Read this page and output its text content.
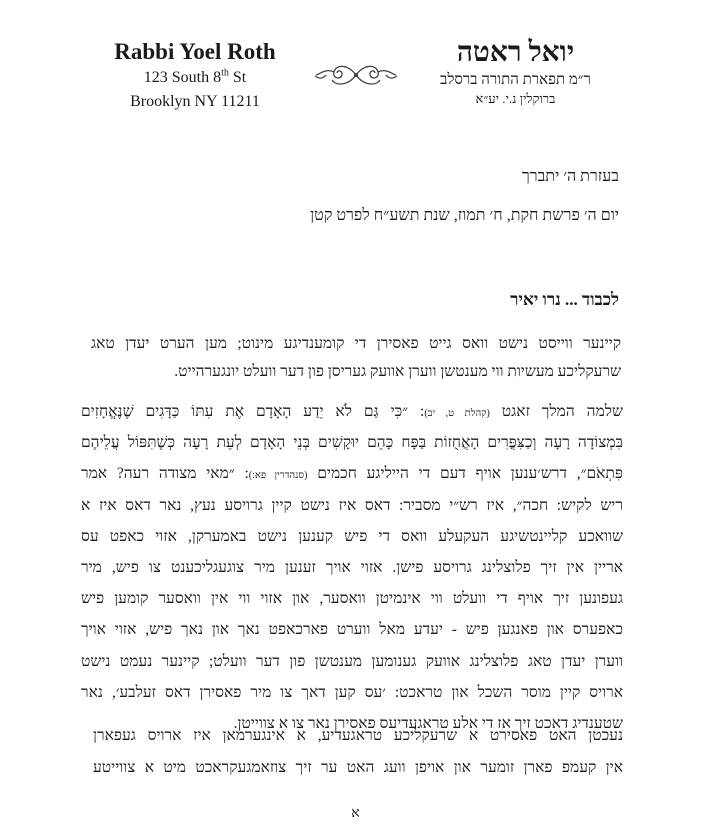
Rabbi Yoel Roth
123 South 8th St
Brooklyn NY 11211
יואל ראטה
ר״מ תפארת התורה ברסלב
ברוקלין נ.י. יע״א
בעזרת ה׳ יתברך
יום ה׳ פרשת חקת, ח׳ תמוז, שנת תשע״ח לפרט קטן
לכבוד ... נרו יאיר
קיינער ווייסט נישט וואס גייט פאסירן די קומענדיגע מינוט; מען הערט יעדן טאג
שרעקליכע מעשיות ווי מענטשן ווערן אוועק געריסן פון דער וועלט יונגערהייט.
שלמה המלך זאגט (קהלת ט, יב): ״כִּי גַּם לֹא יֵדַע הָאָדָם אֶת עִתּוֹ כַּדָּגִים שֶׁנֶּאֱחָזִים
בִּמְצוֹדָה רָעָה וְכַצִּפֳּרִים הָאֲחֻזוֹת בַּפָּח כָּהֵם יוּקָשִׁים בְּנֵי הָאָדָם לְעֵת רָעָה כְּשֶׁתִּפּוֹל עֲלֵיהֶם
פִּתְאֹם״, דרש׳ענען אויף דעם די הייליגע חכמים (סנהדרין פא:): ״מאי מצודה רעה? אמר
ריש לקיש: חכה״, איז רש״י מסביר: דאס איז נישט קיין גרויסע נעץ, נאר דאס איז א
שוואכע קליינטשיגע העקעלע וואס די פיש קענען נישט באמערקן, אזוי כאפט עס
אריין אין זיך פלוצלינג גרויסע פישן. אזוי אויך זענען מיר צוגעגליכענט צו פיש, מיר
געפונען זיך אויף די וועלט ווי אינמיטן וואסער, און אזוי ווי אין וואסער קומען פיש
כאפערס און פאנגען פיש - יעדע מאל ווערט פארכאפט נאך און נאך פיש, אזוי אויך
ווערן יעדן טאג פלוצלינג אוועק גענומען מענטשן פון דער וועלט; קיינער נעמט נישט
ארויס קיין מוסר השכל און טראכט: ׳עס קען דאך צו מיר פאסירן דאס זעלבע׳, נאר
שטענדיג דאכט זיך אז די אלע טראגעדיעס פאסירן נאר צו א צווייטן.
נעכטן האט פאסירט א שרעקליכע טראגעדיע, א אינגערמאן איז ארויס געפארן
אין קעמפ פארן זומער און אויפן וועג האט ער זיך צוזאמגעקראכט מיט א צווייטע
א
